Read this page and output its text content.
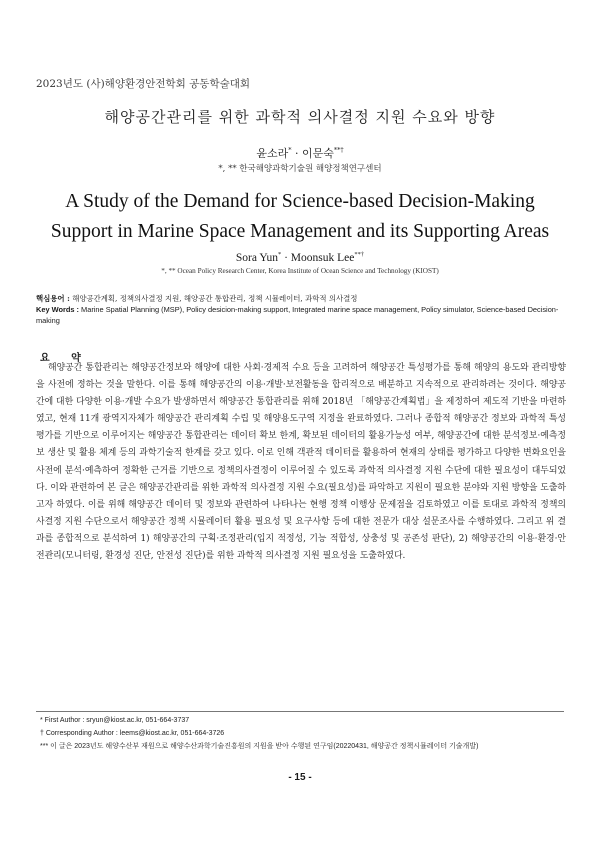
2023년도 (사)해양환경안전학회 공동학술대회
해양공간관리를 위한 과학적 의사결정 지원 수요와 방향
윤소라* · 이문숙**†
*, ** 한국해양과학기술원 해양정책연구센터
A Study of the Demand for Science-based Decision-Making Support in Marine Space Management and its Supporting Areas
Sora Yun* · Moonsuk Lee**†
*, ** Ocean Policy Research Center, Korea Institute of Ocean Science and Technology (KIOST)

핵심용어 : 해양공간계획, 정책의사결정 지원, 해양공간 통합관리, 정책 시뮬레이터, 과학적 의사결정

Key Words : Marine Spatial Planning (MSP), Policy desicion-making support, Integrated marine space management, Policy simulator, Science-based Decision-making

요 약

해양공간 통합관리는 해양공간정보와 해양에 대한 사회·경제적 수요 등을 고려하여 해양공간 특성평가를 통해 해양의 용도와 관리방향을 사전에 정하는 것을 말한다. 이를 통해 해양공간의 이용·개발·보전활동을 합리적으로 배분하고 지속적으로 관리하려는 것이다. 해양공간에 대한 다양한 이용·개발 수요가 발생하면서 해양공간 통합관리를 위해 2018년 「해양공간계획법」을 제정하여 제도적 기반을 마련하였고, 현재 11개 광역지자체가 해양공간 관리계획 수립 및 해양용도구역 지정을 완료하였다. 그러나 종합적 해양공간 정보와 과학적 특성평가를 기반으로 이루어지는 해양공간 통합관리는 데이터 확보 한계, 확보된 데이터의 활용가능성 여부, 해양공간에 대한 분석정보·예측정보 생산 및 활용 체계 등의 과학기술적 한계를 갖고 있다. 이로 인해 객관적 데이터를 활용하여 현재의 상태를 평가하고 다양한 변화요인을 사전에 분석·예측하여 정확한 근거를 기반으로 정책의사결정이 이루어질 수 있도록 과학적 의사결정 지원 수단에 대한 필요성이 대두되었다. 이와 관련하여 본 글은 해양공간관리를 위한 과학적 의사결정 지원 수요(필요성)를 파악하고 지원이 필요한 분야와 지원 방향을 도출하고자 하였다. 이를 위해 해양공간 데이터 및 정보와 관련하여 나타나는 현행 정책 이행상 문제점을 검토하였고 이를 토대로 과학적 정책의사결정 지원 수단으로서 해양공간 정책 시뮬레이터 활용 필요성 및 요구사항 등에 대한 전문가 대상 설문조사를 수행하였다. 그리고 위 결과를 종합적으로 분석하여 1) 해양공간의 구획·조정관리(입지 적정성, 기능 적합성, 상충성 및 공존성 판단), 2) 해양공간의 이용·환경·안전관리(모니터링, 환경성 진단, 안전성 진단)를 위한 과학적 의사결정 지원 필요성을 도출하였다.

* First Author : sryun@kiost.ac.kr, 051-664-3737

† Corresponding Author : leems@kiost.ac.kr, 051-664-3726

*** 이 글은 2023년도 해양수산부 재원으로 해양수산과학기술진흥원의 지원을 받아 수행된 연구임(20220431, 해양공간 정책시뮬레이터 기술개발)

- 15 -
